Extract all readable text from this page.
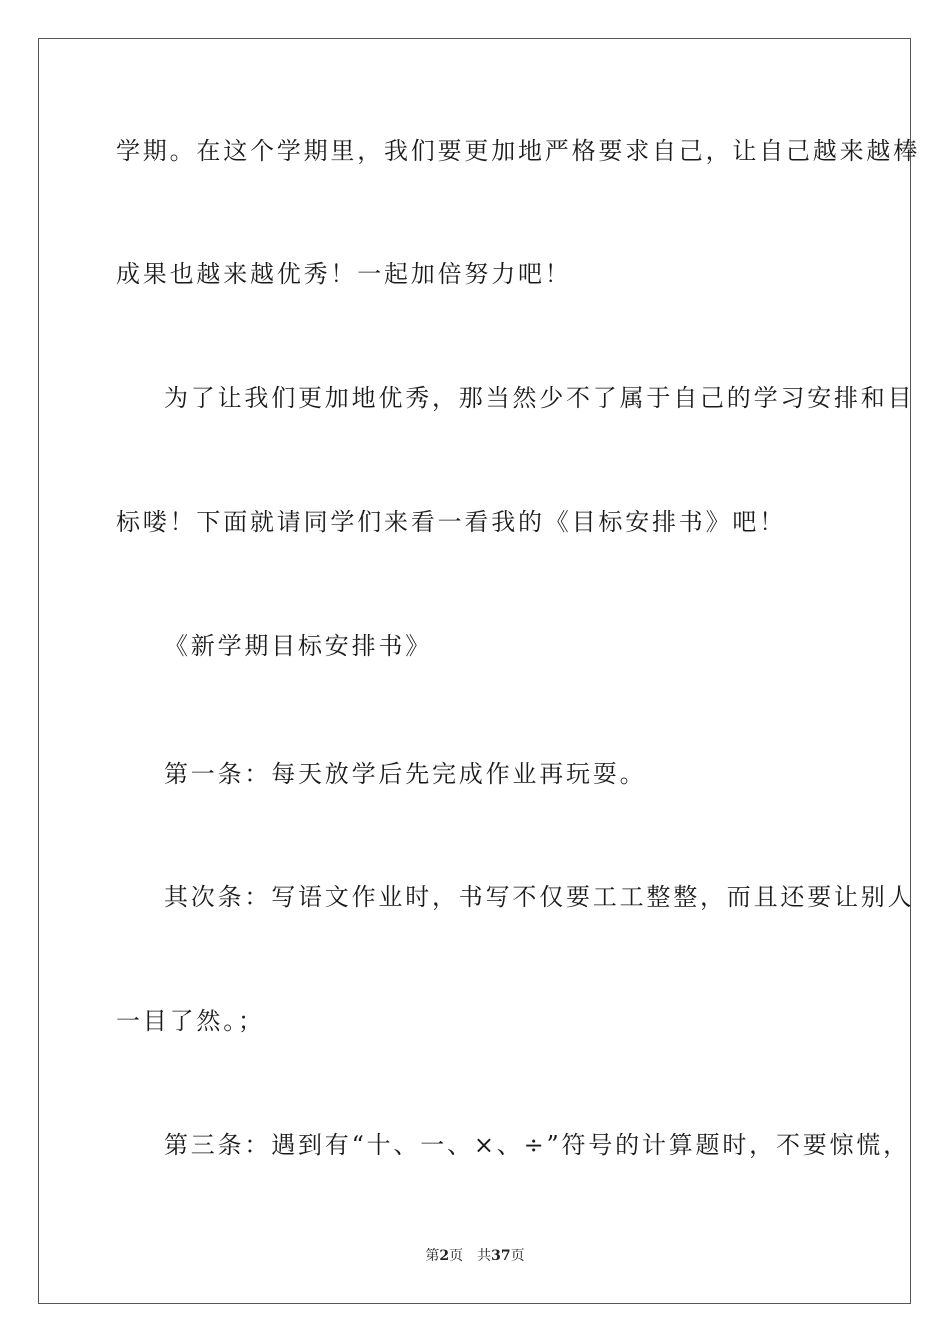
学期。在这个学期里，我们要更加地严格要求自己，让自己越来越棒
成果也越来越优秀！一起加倍努力吧！
为了让我们更加地优秀，那当然少不了属于自己的学习安排和目
标喽！下面就请同学们来看一看我的《目标安排书》吧！
《新学期目标安排书》
第一条：每天放学后先完成作业再玩耍。
其次条：写语文作业时，书写不仅要工工整整，而且还要让别人
一目了然。；
第三条：遇到有“十、一、×、÷”符号的计算题时，不要惊慌，
第2页 共37页
